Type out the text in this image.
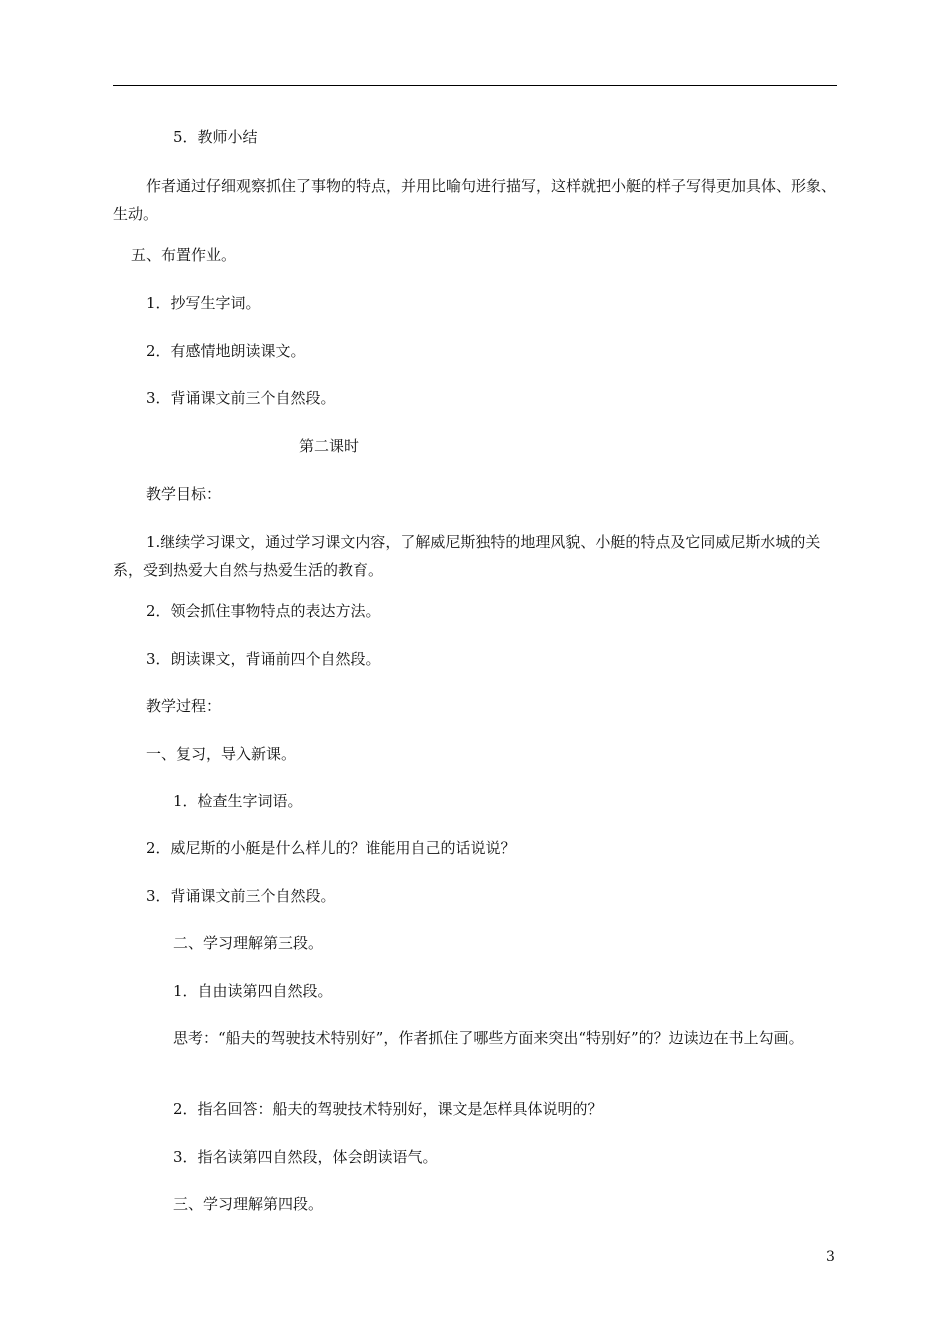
5．教师小结
作者通过仔细观察抓住了事物的特点，并用比喻句进行描写，这样就把小艇的样子写得更加具体、形象、生动。
五、布置作业。
1．抄写生字词。
2．有感情地朗读课文。
3．背诵课文前三个自然段。
第二课时
教学目标：
1.继续学习课文，通过学习课文内容，了解威尼斯独特的地理风貌、小艇的特点及它同威尼斯水城的关系，受到热爱大自然与热爱生活的教育。
2．领会抓住事物特点的表达方法。
3．朗读课文，背诵前四个自然段。
教学过程：
一、复习，导入新课。
1．检查生字词语。
2．威尼斯的小艇是什么样儿的？谁能用自己的话说说？
3．背诵课文前三个自然段。
二、学习理解第三段。
1．自由读第四自然段。
思考：“船夫的驾驶技术特别好”，作者抓住了哪些方面来突出“特别好”的？边读边在书上勾画。
2．指名回答：船夫的驾驶技术特别好，课文是怎样具体说明的？
3．指名读第四自然段，体会朗读语气。
三、学习理解第四段。
3
